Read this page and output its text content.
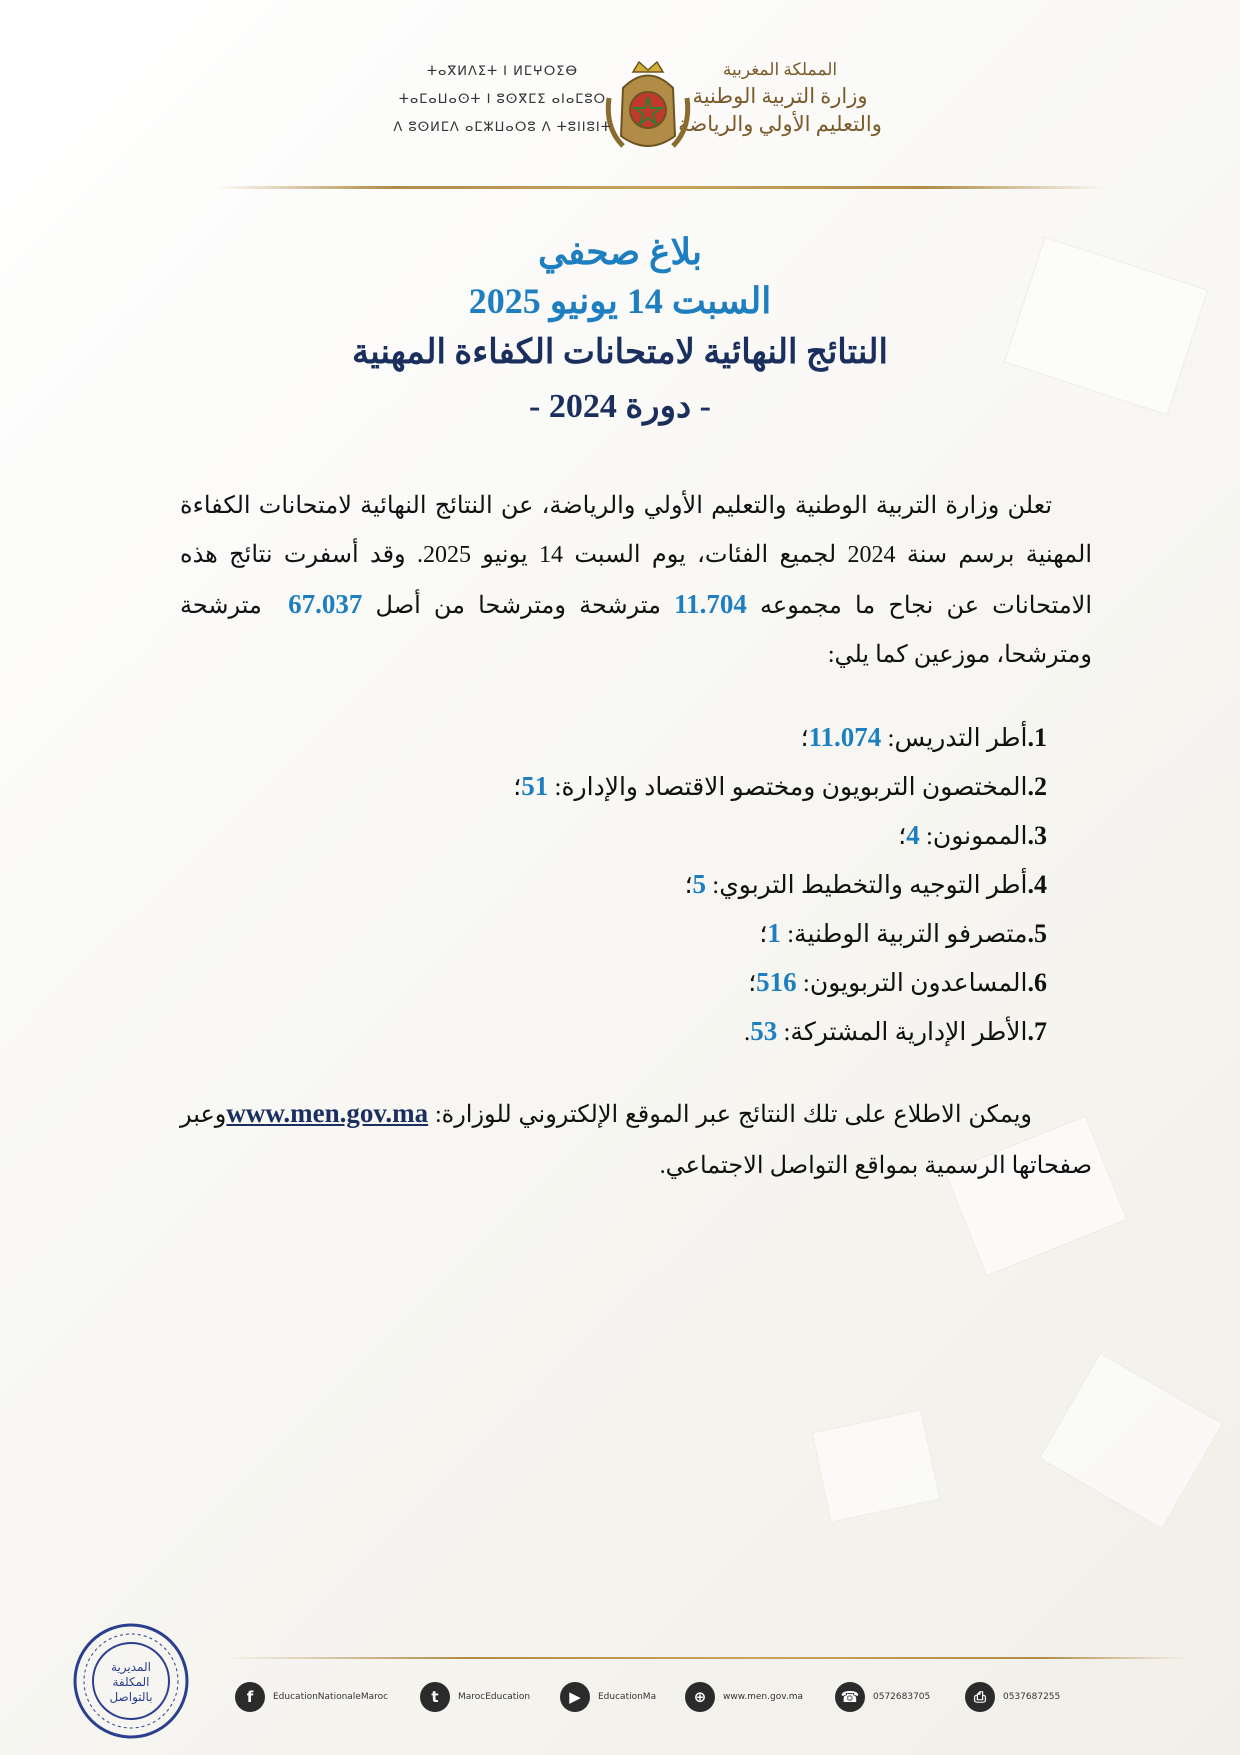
المملكة المغربية
وزارة التربية الوطنية
والتعليم الأولي والرياضة
ⵜⴰⴳⵍⴷⵉⵜ ⵏ ⵍⵎⵖⵔⵉⴱ
ⵜⴰⵎⴰⵡⴰⵙⵜ ⵏ ⵓⵙⴳⵎⵉ ⴰⵏⴰⵎⵓⵔ
ⴷ ⵓⵙⵍⵎⴷ ⴰⵎⵣⵡⴰⵔⵓ ⴷ ⵜⵓⵏⵏⵓⵏⵜ
بلاغ صحفي
السبت 14 يونيو 2025
النتائج النهائية لامتحانات الكفاءة المهنية
- دورة 2024 -
تعلن وزارة التربية الوطنية والتعليم الأولي والرياضة، عن النتائج النهائية لامتحانات الكفاءة المهنية برسم سنة 2024 لجميع الفئات، يوم السبت 14 يونيو 2025. وقد أسفرت نتائج هذه الامتحانات عن نجاح ما مجموعه 11.704 مترشحة ومترشحا من أصل 67.037  مترشحة ومترشحا، موزعين كما يلي:
1.أطر التدريس: 11.074؛
2.المختصون التربويون ومختصو الاقتصاد والإدارة: 51؛
3.الممونون: 4؛
4.أطر التوجيه والتخطيط التربوي: 5؛
5.متصرفو التربية الوطنية: 1؛
6.المساعدون التربويون: 516؛
7.الأطر الإدارية المشتركة: 53.
ويمكن الاطلاع على تلك النتائج عبر الموقع الإلكتروني للوزارة: www.men.gov.maوعبر صفحاتها الرسمية بمواقع التواصل الاجتماعي.
المديرية
المكلفة
بالتواصل	f	EducationNationaleMaroc	t	MarocEducation	▶	EducationMa	⊕	www.men.gov.ma	☎	0572683705	⎙	0537687255
